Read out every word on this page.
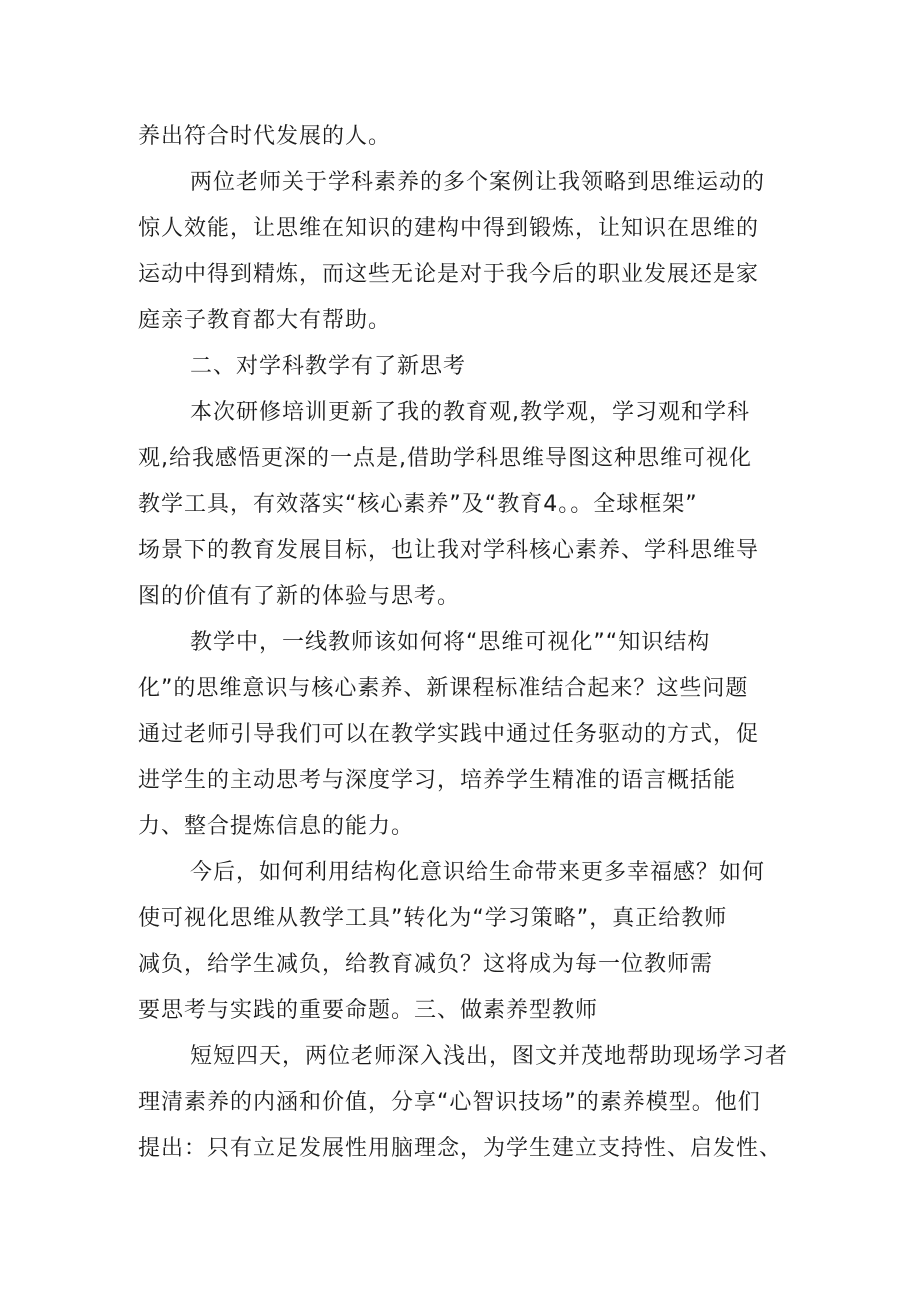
养出符合时代发展的人。
两位老师关于学科素养的多个案例让我领略到思维运动的
惊人效能，让思维在知识的建构中得到锻炼，让知识在思维的
运动中得到精炼，而这些无论是对于我今后的职业发展还是家
庭亲子教育都大有帮助。
二、对学科教学有了新思考
本次研修培训更新了我的教育观,教学观，学习观和学科
观,给我感悟更深的一点是,借助学科思维导图这种思维可视化
教学工具，有效落实“核心素养”及“教育4。。全球框架”
场景下的教育发展目标，也让我对学科核心素养、学科思维导
图的价值有了新的体验与思考。
教学中，一线教师该如何将“思维可视化”“知识结构
化”的思维意识与核心素养、新课程标准结合起来？这些问题
通过老师引导我们可以在教学实践中通过任务驱动的方式，促
进学生的主动思考与深度学习，培养学生精准的语言概括能
力、整合提炼信息的能力。
今后，如何利用结构化意识给生命带来更多幸福感？如何
使可视化思维从教学工具”转化为“学习策略”，真正给教师
减负，给学生减负，给教育减负？这将成为每一位教师需
要思考与实践的重要命题。三、做素养型教师
短短四天，两位老师深入浅出，图文并茂地帮助现场学习者
理清素养的内涵和价值，分享“心智识技场”的素养模型。他们
提出：只有立足发展性用脑理念，为学生建立支持性、启发性、
